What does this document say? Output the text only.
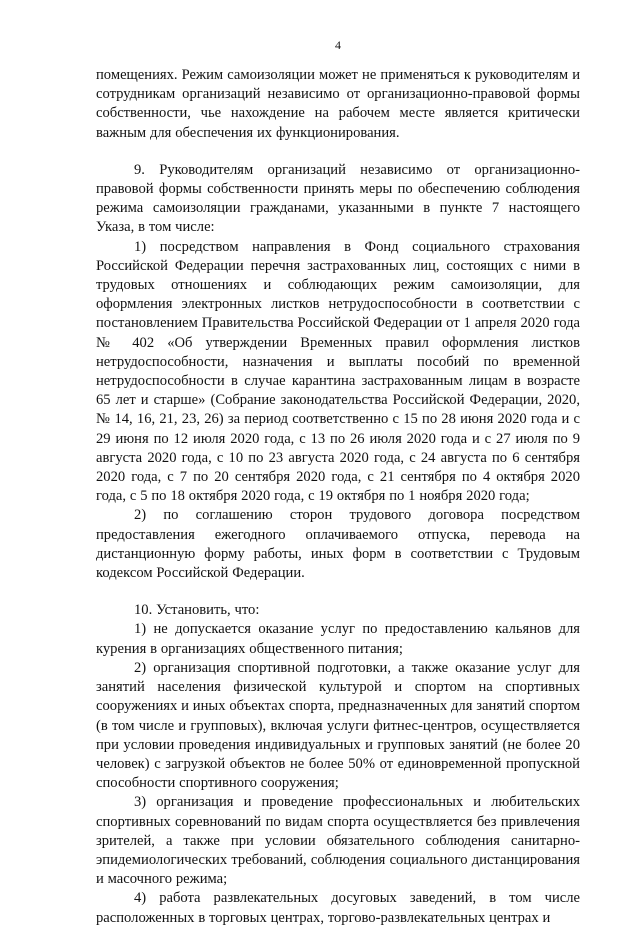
4

помещениях. Режим самоизоляции может не применяться к руководителям и сотрудникам организаций независимо от организационно-правовой формы собственности, чье нахождение на рабочем месте является критически важным для обеспечения их функционирования.

9. Руководителям организаций независимо от организационно-правовой формы собственности принять меры по обеспечению соблюдения режима самоизоляции гражданами, указанными в пункте 7 настоящего Указа, в том числе:

1) посредством направления в Фонд социального страхования Российской Федерации перечня застрахованных лиц, состоящих с ними в трудовых отношениях и соблюдающих режим самоизоляции, для оформления электронных листков нетрудоспособности в соответствии с постановлением Правительства Российской Федерации от 1 апреля 2020 года № 402 «Об утверждении Временных правил оформления листков нетрудоспособности, назначения и выплаты пособий по временной нетрудоспособности в случае карантина застрахованным лицам в возрасте 65 лет и старше» (Собрание законодательства Российской Федерации, 2020, № 14, 16, 21, 23, 26) за период соответственно с 15 по 28 июня 2020 года и с 29 июня по 12 июля 2020 года, с 13 по 26 июля 2020 года и с 27 июля по 9 августа 2020 года, с 10 по 23 августа 2020 года, с 24 августа по 6 сентября 2020 года, с 7 по 20 сентября 2020 года, с 21 сентября по 4 октября 2020 года, с 5 по 18 октября 2020 года, с 19 октября по 1 ноября 2020 года;

2) по соглашению сторон трудового договора посредством предоставления ежегодного оплачиваемого отпуска, перевода на дистанционную форму работы, иных форм в соответствии с Трудовым кодексом Российской Федерации.

10. Установить, что:

1) не допускается оказание услуг по предоставлению кальянов для курения в организациях общественного питания;

2) организация спортивной подготовки, а также оказание услуг для занятий населения физической культурой и спортом на спортивных сооружениях и иных объектах спорта, предназначенных для занятий спортом (в том числе и групповых), включая услуги фитнес-центров, осуществляется при условии проведения индивидуальных и групповых занятий (не более 20 человек) с загрузкой объектов не более 50% от единовременной пропускной способности спортивного сооружения;

3) организация и проведение профессиональных и любительских спортивных соревнований по видам спорта осуществляется без привлечения зрителей, а также при условии обязательного соблюдения санитарно-эпидемиологических требований, соблюдения социального дистанцирования и масочного режима;

4) работа развлекательных досуговых заведений, в том числе расположенных в торговых центрах, торгово-развлекательных центрах и
